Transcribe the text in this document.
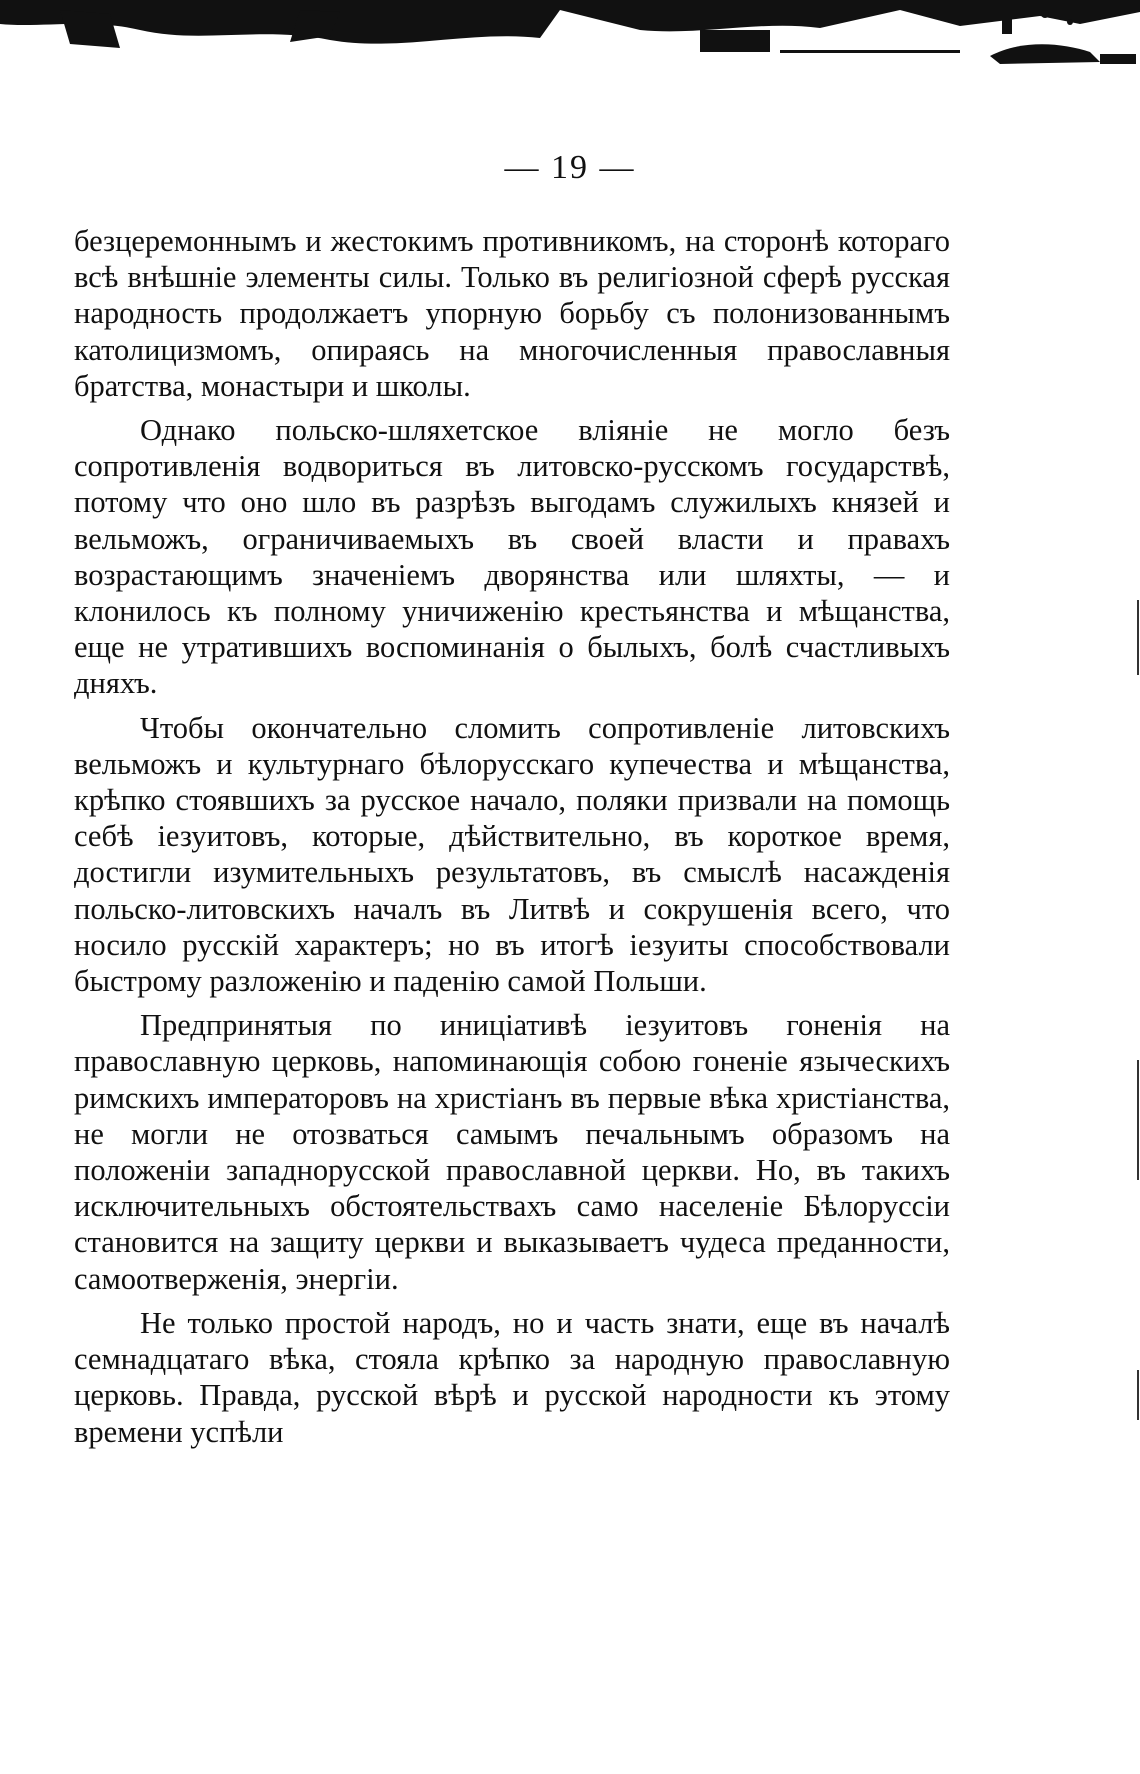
— 19 —

безцеремоннымъ и жестокимъ противникомъ, на сторонѣ котораго всѣ внѣшніе элементы силы. Только въ религіозной сферѣ русская народность продолжаетъ упорную борьбу съ полонизованнымъ католицизмомъ, опираясь на многочисленныя православныя братства, монастыри и школы.

Однако польско-шляхетское вліяніе не могло безъ сопротивленія водвориться въ литовско-русскомъ государствѣ, потому что оно шло въ разрѣзъ выгодамъ служилыхъ князей и вельможъ, ограничиваемыхъ въ своей власти и правахъ возрастающимъ значеніемъ дворянства или шляхты, — и клонилось къ полному уничиженію крестьянства и мѣщанства, еще не утратившихъ воспоминанія о былыхъ, болѣ счастливыхъ дняхъ.

Чтобы окончательно сломить сопротивленіе литовскихъ вельможъ и культурнаго бѣлорусскаго купечества и мѣщанства, крѣпко стоявшихъ за русское начало, поляки призвали на помощь себѣ іезуитовъ, которые, дѣйствительно, въ короткое время, достигли изумительныхъ результатовъ, въ смыслѣ насажденія польско-литовскихъ началъ въ Литвѣ и сокрушенія всего, что носило русскій характеръ; но въ итогѣ іезуиты способствовали быстрому разложенію и паденію самой Польши.

Предпринятыя по иниціативѣ іезуитовъ гоненія на православную церковь, напоминающія собою гоненіе языческихъ римскихъ императоровъ на христіанъ въ первые вѣка христіанства, не могли не отозваться самымъ печальнымъ образомъ на положеніи западнорусской православной церкви. Но, въ такихъ исключительныхъ обстоятельствахъ само населеніе Бѣлоруссіи становится на защиту церкви и выказываетъ чудеса преданности, самоотверженія, энергіи.

Не только простой народъ, но и часть знати, еще въ началѣ семнадцатаго вѣка, стояла крѣпко за народную православную церковь. Правда, русской вѣрѣ и русской народности къ этому времени успѣли
